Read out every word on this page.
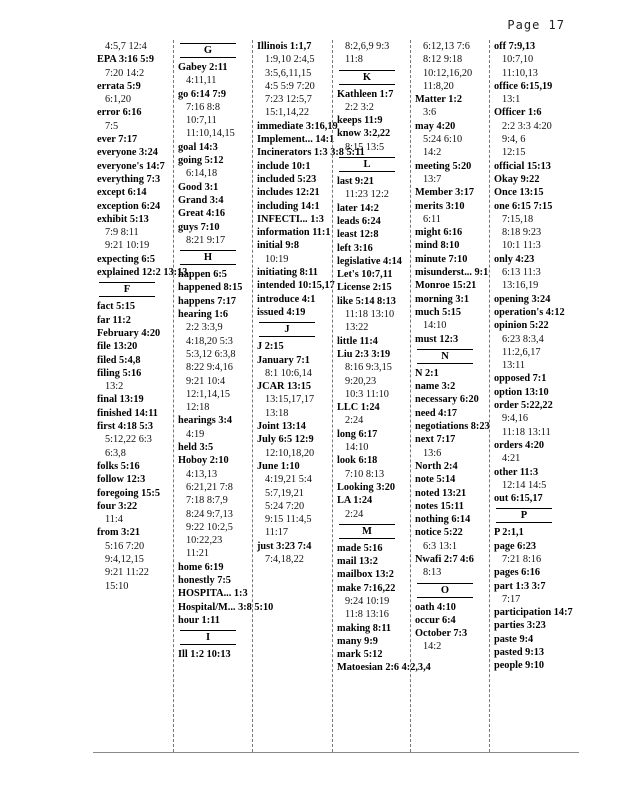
Page 17
4:5,7 12:4
EPA 3:16 5:9
7:20 14:2
errata 5:9
6:1,20
error 6:16
7:5
ever 7:17
everyone 3:24
everyone's 14:7
everything 7:3
except 6:14
exception 6:24
exhibit 5:13
7:9 8:11
9:21 10:19
expecting 6:5
explained 12:2 13:13
F
fact 5:15
far 11:2
February 4:20
file 13:20
filed 5:4,8
filing 5:16
13:2
final 13:19
finished 14:11
first 4:18 5:3
5:12,22 6:3
6:3,8
folks 5:16
follow 12:3
foregoing 15:5
four 3:22
11:4
from 3:21
5:16 7:20
9:4,12,15
9:21 11:22
15:10
G
Gabey 2:11
4:11,11
go 6:14 7:9
7:16 8:8
10:7,11
11:10,14,15
goal 14:3
going 5:12
6:14,18
Good 3:1
Grand 3:4
Great 4:16
guys 7:10
8:21 9:17
H
happen 6:5
happened 8:15
happens 7:17
hearing 1:6
2:2 3:3,9
4:18,20 5:3
5:3,12 6:3,8
8:22 9:4,16
9:21 10:4
12:1,14,15
12:18
hearings 3:4
4:19
held 3:5
Hoboy 2:10
4:13,13
6:21,21 7:8
7:18 8:7,9
8:24 9:7,13
9:22 10:2,5
10:22,23
11:21
home 6:19
honestly 7:5
HOSPITA... 1:3
Hospital/M... 3:8 5:10
hour 1:11
I
Ill 1:2 10:13
Illinois 1:1,7
1:9,10 2:4,5
3:5,6,11,15
4:5 5:9 7:20
7:23 12:5,7
15:1,14,22
immediate 3:16,19
Implement... 14:1
Incinerators 1:3 3:8 5:11
include 10:1
included 5:23
includes 12:21
including 14:1
INFECTI... 1:3
information 11:1
initial 9:8
10:19
initiating 8:11
intended 10:15,17
introduce 4:1
issued 4:19
J
J 2:15
January 7:1
8:1 10:6,14
JCAR 13:15
13:15,17,17
13:18
Joint 13:14
July 6:5 12:9
12:10,18,20
June 1:10
4:19,21 5:4
5:7,19,21
5:24 7:20
9:15 11:4,5
11:17
just 3:23 7:4
7:4,18,22
8:2,6,9 9:3
11:8
K
Kathleen 1:7
2:2 3:2
keeps 11:9
know 3:2,22
8:15 13:5
L
last 9:21
11:23 12:2
later 14:2
leads 6:24
least 12:8
left 3:16
legislative 4:14
Let's 10:7,11
License 2:15
like 5:14 8:13
11:18 13:10
13:22
little 11:4
Liu 2:3 3:19
8:16 9:3,15
9:20,23
10:3 11:10
LLC 1:24
2:24
long 6:17
14:10
look 6:18
7:10 8:13
Looking 3:20
LA 1:24
2:24
M
made 5:16
mail 13:2
mailbox 13:2
make 7:16,22
9:24 10:19
11:8 13:16
making 8:11
many 9:9
mark 5:12
Matoesian 2:6 4:2,3,4
6:12,13 7:6
8:12 9:18
10:12,16,20
11:8,20
Matter 1:2
3:6
may 4:20
5:24 6:10
14:2
meeting 5:20
13:7
Member 3:17
merits 3:10
6:11
might 6:16
mind 8:10
minute 7:10
misunderst... 9:1
Monroe 15:21
morning 3:1
much 5:15
14:10
must 12:3
N
N 2:1
name 3:2
necessary 6:20
need 4:17
negotiations 8:23
next 7:17
13:6
North 2:4
note 5:14
noted 13:21
notes 15:11
nothing 6:14
notice 5:22
6:3 13:1
Nwafi 2:7 4:6
8:13
O
oath 4:10
occur 6:4
October 7:3
14:2
off 7:9,13
10:7,10
11:10,13
office 6:15,19
13:1
Officer 1:6
2:2 3:3 4:20
9:4, 6
12:15
official 15:13
Okay 9:22
Once 13:15
one 6:15 7:15
7:15,18
8:18 9:23
10:1 11:3
only 4:23
6:13 11:3
13:16,19
opening 3:24
operation's 4:12
opinion 5:22
6:23 8:3,4
11:2,6,17
13:11
opposed 7:1
option 13:10
order 5:22,22
9:4,16
11:18 13:11
orders 4:20
4:21
other 11:3
12:14 14:5
out 6:15,17
P
P 2:1,1
page 6:23
7:21 8:16
pages 6:16
part 1:3 3:7
7:17
participation 14:7
parties 3:23
paste 9:4
pasted 9:13
people 9:10
